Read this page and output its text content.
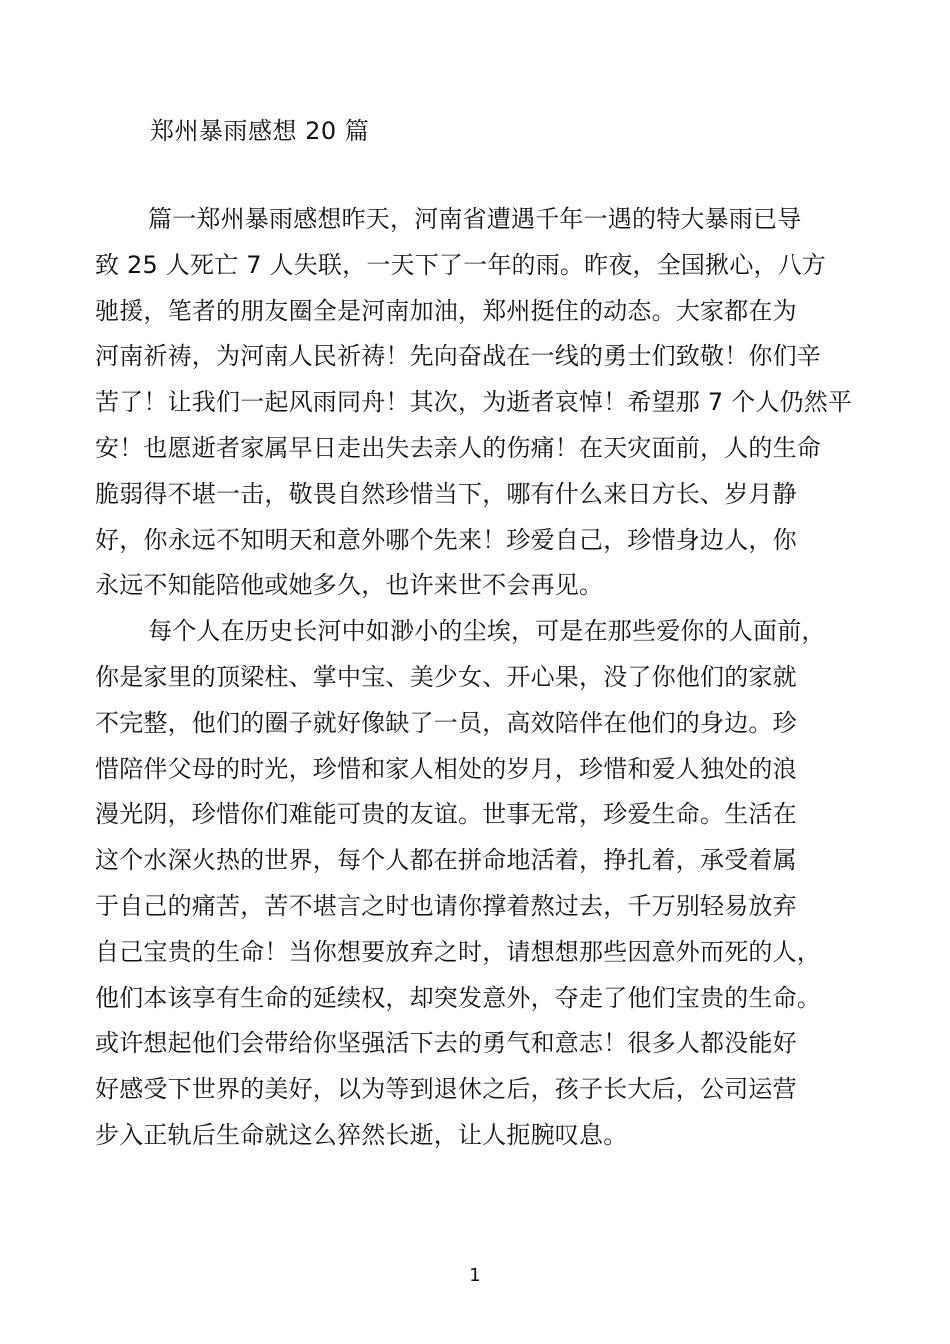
郑州暴雨感想 20 篇
篇一郑州暴雨感想昨天，河南省遭遇千年一遇的特大暴雨已导
致 25 人死亡 7 人失联，一天下了一年的雨。昨夜，全国揪心，八方
驰援，笔者的朋友圈全是河南加油，郑州挺住的动态。大家都在为
河南祈祷，为河南人民祈祷！先向奋战在一线的勇士们致敬！你们辛
苦了！让我们一起风雨同舟！其次，为逝者哀悼！希望那 7 个人仍然平
安！也愿逝者家属早日走出失去亲人的伤痛！在天灾面前，人的生命
脆弱得不堪一击，敬畏自然珍惜当下，哪有什么来日方长、岁月静
好，你永远不知明天和意外哪个先来！珍爱自己，珍惜身边人，你
永远不知能陪他或她多久，也许来世不会再见。
每个人在历史长河中如渺小的尘埃，可是在那些爱你的人面前，
你是家里的顶梁柱、掌中宝、美少女、开心果，没了你他们的家就
不完整，他们的圈子就好像缺了一员，高效陪伴在他们的身边。珍
惜陪伴父母的时光，珍惜和家人相处的岁月，珍惜和爱人独处的浪
漫光阴，珍惜你们难能可贵的友谊。世事无常，珍爱生命。生活在
这个水深火热的世界，每个人都在拼命地活着，挣扎着，承受着属
于自己的痛苦，苦不堪言之时也请你撑着熬过去，千万别轻易放弃
自己宝贵的生命！当你想要放弃之时，请想想那些因意外而死的人，
他们本该享有生命的延续权，却突发意外，夺走了他们宝贵的生命。
或许想起他们会带给你坚强活下去的勇气和意志！很多人都没能好
好感受下世界的美好，以为等到退休之后，孩子长大后，公司运营
步入正轨后生命就这么猝然长逝，让人扼腕叹息。
1
